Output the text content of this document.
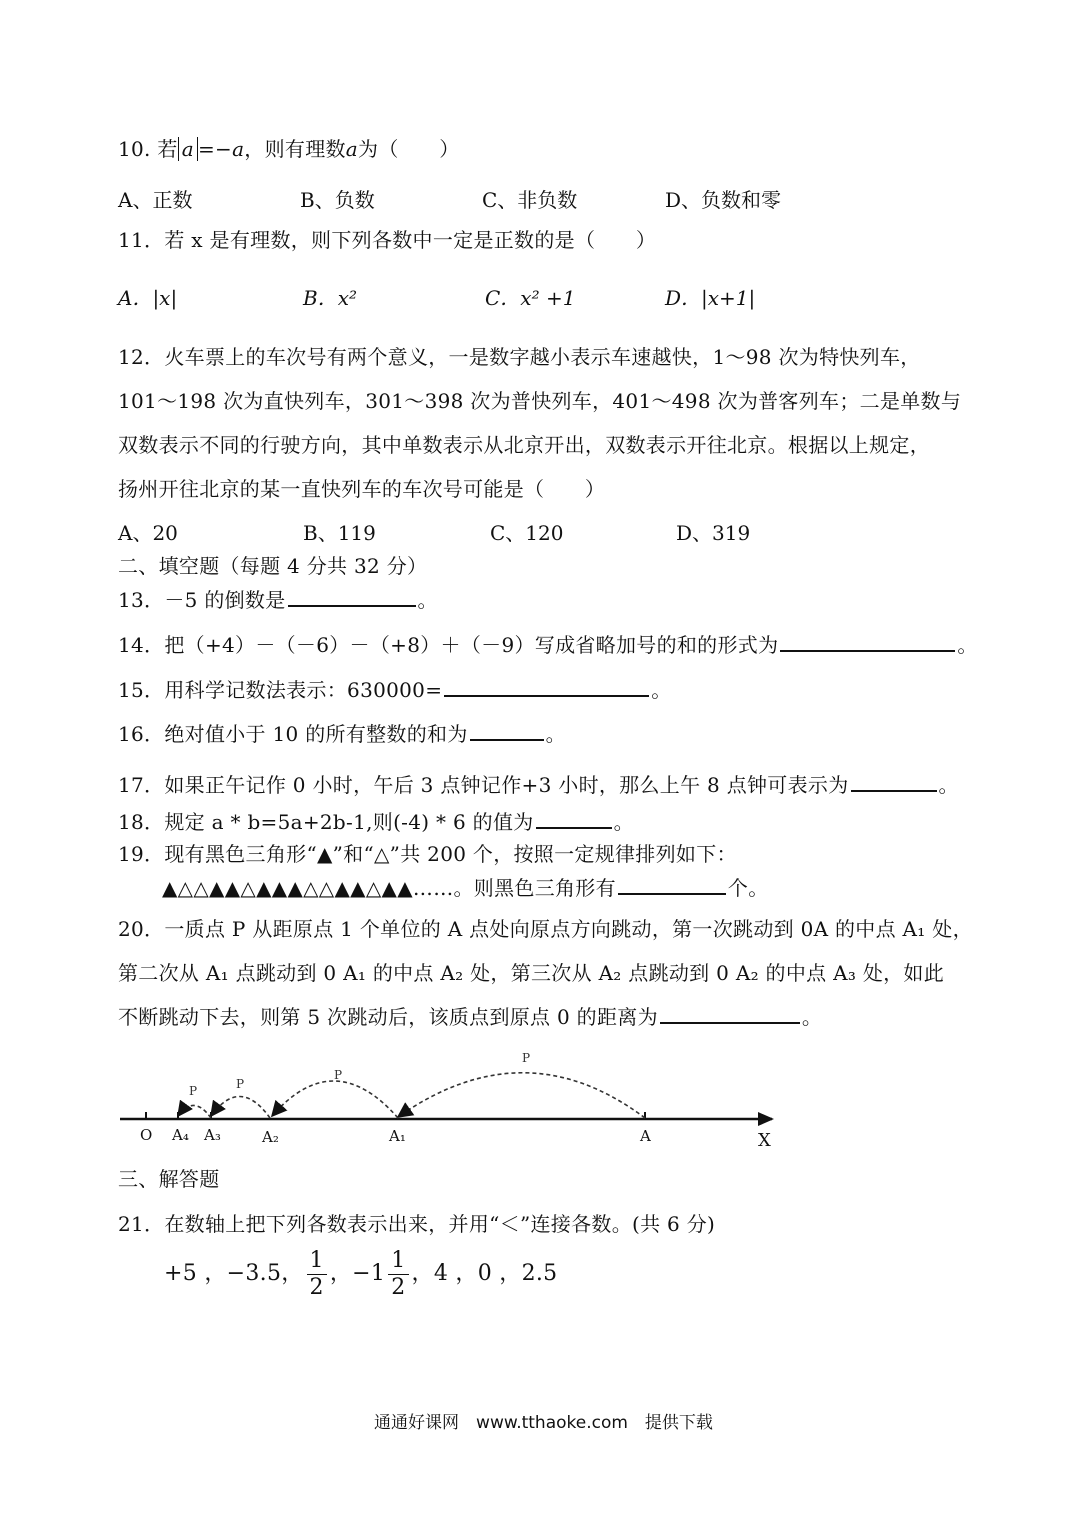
10. 若 a =−a，则有理数a为（　　）
A、正数	B、负数	C、非负数	D、负数和零
11．若 x 是有理数，则下列各数中一定是正数的是（　　）
A．|x|	B．x²	C．x² +1	D．|x+1|
12．火车票上的车次号有两个意义，一是数字越小表示车速越快，1～98 次为特快列车，
101～198 次为直快列车，301～398 次为普快列车，401～498 次为普客列车；二是单数与
双数表示不同的行驶方向，其中单数表示从北京开出，双数表示开往北京。根据以上规定，
扬州开往北京的某一直快列车的车次号可能是（　　）
A、20	B、119	C、120	D、319
二、填空题（每题 4 分共 32 分）
13．－5 的倒数是	。
14．把（+4）－（－6）－（+8）＋（－9）写成省略加号的和的形式为	。
15．用科学记数法表示：630000=	。
16．绝对值小于 10 的所有整数的和为	。
17．如果正午记作 0 小时，午后 3 点钟记作+3 小时，那么上午 8 点钟可表示为	。
18．规定 a * b=5a+2b-1,则(-4) * 6 的值为	。
19．现有黑色三角形“▲”和“△”共 200 个，按照一定规律排列如下：
▲△△▲▲△▲▲▲△△▲▲△▲▲……。则黑色三角形有	个。
20．一质点 P 从距原点 1 个单位的 A 点处向原点方向跳动，第一次跳动到 0A 的中点 A₁ 处，
第二次从 A₁ 点跳动到 0 A₁ 的中点 A₂ 处，第三次从 A₂ 点跳动到 0 A₂ 的中点 A₃ 处，如此
不断跳动下去，则第 5 次跳动后，该质点到原点 0 的距离为	。
P
P
P
P
O A₄ A₃	A₂	A₁	A	X
三、解答题
21．在数轴上把下列各数表示出来，并用“＜”连接各数。(共 6 分)
+5 ，−3.5， $\frac{1}{2}$ ，$-1 \frac{1}{2}$ ，4 ，0 ，2.5
通通好课网　www.tthaoke.com　提供下载
